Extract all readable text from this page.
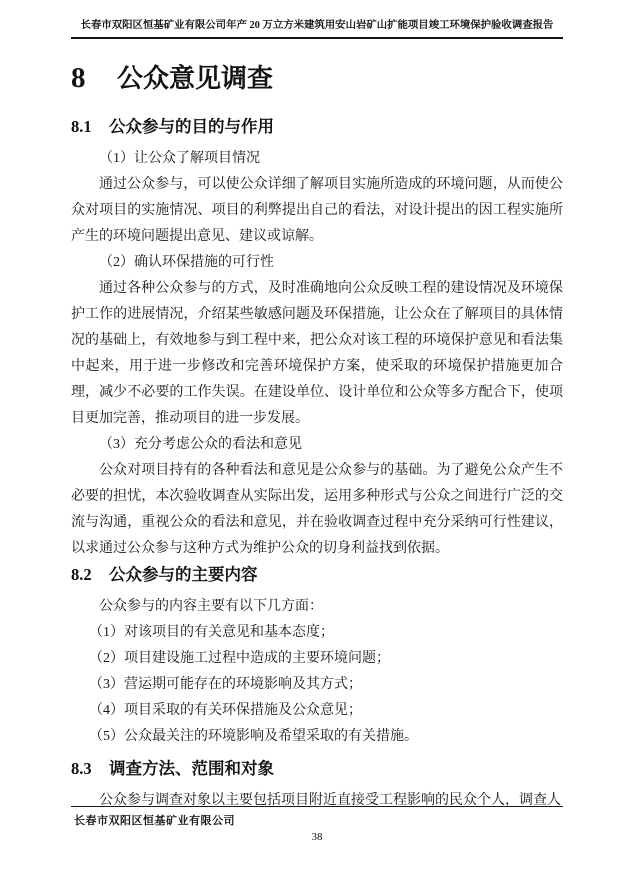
长春市双阳区恒基矿业有限公司年产 20 万立方米建筑用安山岩矿山扩能项目竣工环境保护验收调查报告
8	公众意见调查
8.1	公众参与的目的与作用
（1）让公众了解项目情况
通过公众参与，可以使公众详细了解项目实施所造成的环境问题，从而使公众对项目的实施情况、项目的利弊提出自己的看法，对设计提出的因工程实施所产生的环境问题提出意见、建议或谅解。
（2）确认环保措施的可行性
通过各种公众参与的方式，及时准确地向公众反映工程的建设情况及环境保护工作的进展情况，介绍某些敏感问题及环保措施，让公众在了解项目的具体情况的基础上，有效地参与到工程中来，把公众对该工程的环境保护意见和看法集中起来，用于进一步修改和完善环境保护方案，使采取的环境保护措施更加合理，减少不必要的工作失误。在建设单位、设计单位和公众等多方配合下，使项目更加完善，推动项目的进一步发展。
（3）充分考虑公众的看法和意见
公众对项目持有的各种看法和意见是公众参与的基础。为了避免公众产生不必要的担忧，本次验收调查从实际出发，运用多种形式与公众之间进行广泛的交流与沟通，重视公众的看法和意见，并在验收调查过程中充分采纳可行性建议，以求通过公众参与这种方式为维护公众的切身利益找到依据。
8.2	公众参与的主要内容
公众参与的内容主要有以下几方面：
（1）对该项目的有关意见和基本态度；
（2）项目建设施工过程中造成的主要环境问题；
（3）营运期可能存在的环境影响及其方式；
（4）项目采取的有关环保措施及公众意见；
（5）公众最关注的环境影响及希望采取的有关措施。
8.3	调查方法、范围和对象
公众参与调查对象以主要包括项目附近直接受工程影响的民众个人，调查人
长春市双阳区恒基矿业有限公司
38
